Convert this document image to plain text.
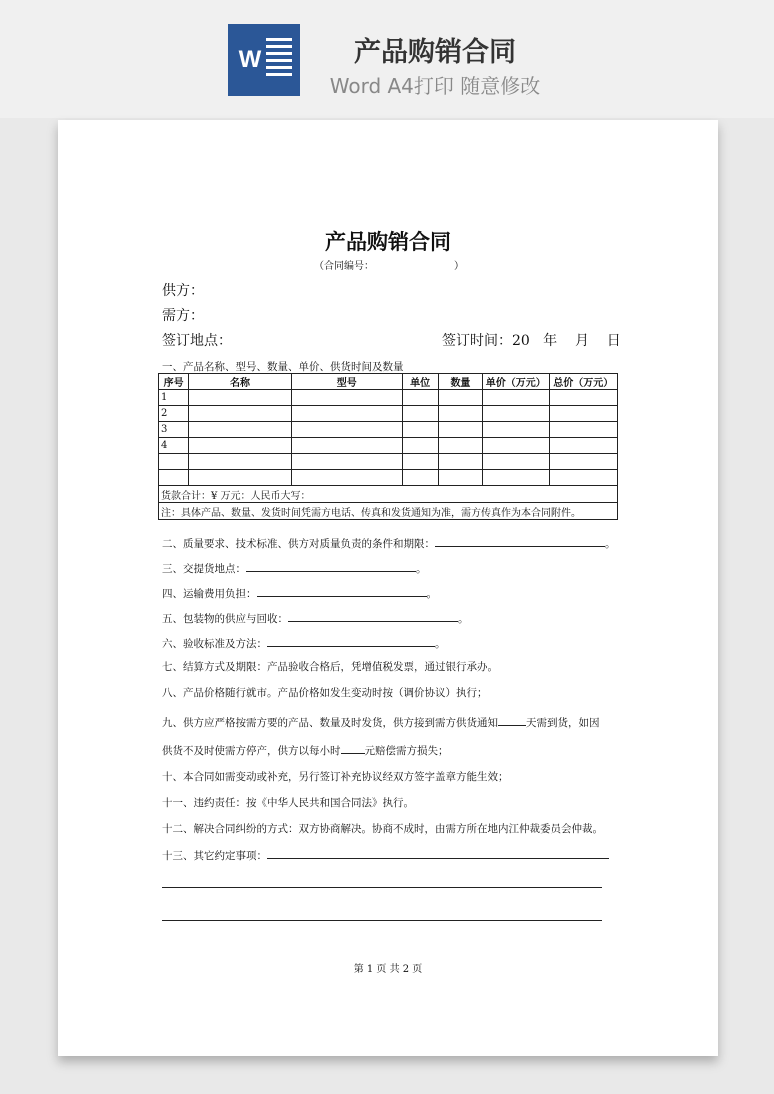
W	产品购销合同
Word A4打印 随意修改
产品购销合同
（合同编号：	）
供方：
需方：
签订地点：	签订时间：20   年    月    日
一、产品名称、型号、数量、单价、供货时间及数量
序号	名称	型号	单位	数量	单价（万元）	总价（万元）
1						
2						
3						
4						

货款合计：¥ 万元：人民币大写：						
注：具体产品、数量、发货时间凭需方电话、传真和发货通知为准，需方传真作为本合同附件。						
二、质量要求、技术标准、供方对质量负责的条件和期限：	。
三、交提货地点：	。
四、运输费用负担：	。
五、包装物的供应与回收：	。
六、验收标准及方法：	。
七、结算方式及期限：产品验收合格后，凭增值税发票，通过银行承办。
八、产品价格随行就市。产品价格如发生变动时按（调价协议）执行；
九、供方应严格按需方要的产品、数量及时发货，供方接到需方供货通知	天需到货，如因
供货不及时使需方停产，供方以每小时 元赔偿需方损失；
十、本合同如需变动或补充，另行签订补充协议经双方签字盖章方能生效；
十一、违约责任：按《中华人民共和国合同法》执行。
十二、解决合同纠纷的方式：双方协商解决。协商不成时，由需方所在地内江仲裁委员会仲裁。
十三、其它约定事项：
第 1 页 共 2 页
